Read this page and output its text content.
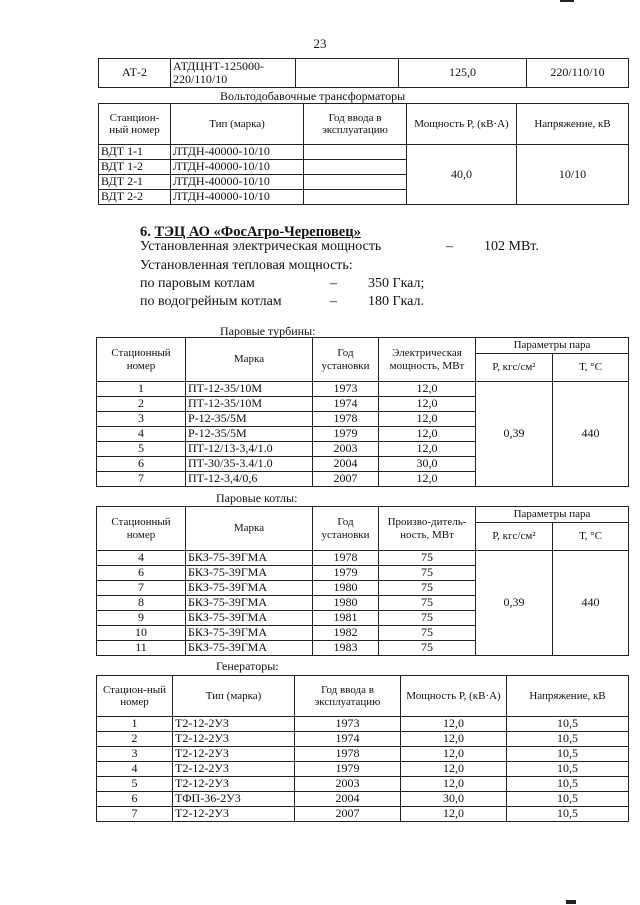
23
АТ-2	АТДЦНТ-125000-
220/110/10		125,0	220/110/10
Вольтодобавочные трансформаторы
Станцион-ный номер	Тип (марка)	Год ввода в эксплуатацию	Мощность Р, (кВ·А)	Напряжение, кВ
ВДТ 1-1	ЛТДН-40000-10/10		40,0	10/10
ВДТ 1-2	ЛТДН-40000-10/10			
ВДТ 2-1	ЛТДН-40000-10/10			
ВДТ 2-2	ЛТДН-40000-10/10			
6. ТЭЦ АО «ФосАгро-Череповец»
Установленная электрическая мощность	– 102 МВт.
Установленная тепловая мощность:
по паровым котлам	– 350 Гкал;
по водогрейным котлам	– 180 Гкал.
Паровые турбины:
Стационный номер	Марка	Год установки	Электрическая мощность, МВт	Параметры пара	
				Р, кгс/см²	Т, °С
1	ПТ-12-35/10М	1973	12,0	0,39	440
2	ПТ-12-35/10М	1974	12,0		
3	Р-12-35/5М	1978	12,0		
4	Р-12-35/5М	1979	12,0		
5	ПТ-12/13-3,4/1.0	2003	12,0		
6	ПТ-30/35-3.4/1.0	2004	30,0		
7	ПТ-12-3,4/0,6	2007	12,0		
Паровые котлы:
Стационный номер	Марка	Год установки	Произво-дитель-ность, МВт	Параметры пара	
				Р, кгс/см²	Т, °С
4	БКЗ-75-39ГМА	1978	75	0,39	440
6	БКЗ-75-39ГМА	1979	75		
7	БКЗ-75-39ГМА	1980	75		
8	БКЗ-75-39ГМА	1980	75		
9	БКЗ-75-39ГМА	1981	75		
10	БКЗ-75-39ГМА	1982	75		
11	БКЗ-75-39ГМА	1983	75		
Генераторы:
Стацион-ный номер	Тип (марка)	Год ввода в эксплуатацию	Мощность Р, (кВ·А)	Напряжение, кВ
1	Т2-12-2У3	1973	12,0	10,5
2	Т2-12-2У3	1974	12,0	10,5
3	Т2-12-2У3	1978	12,0	10,5
4	Т2-12-2У3	1979	12,0	10,5
5	Т2-12-2У3	2003	12,0	10,5
6	ТФП-36-2У3	2004	30,0	10,5
7	Т2-12-2У3	2007	12,0	10,5
